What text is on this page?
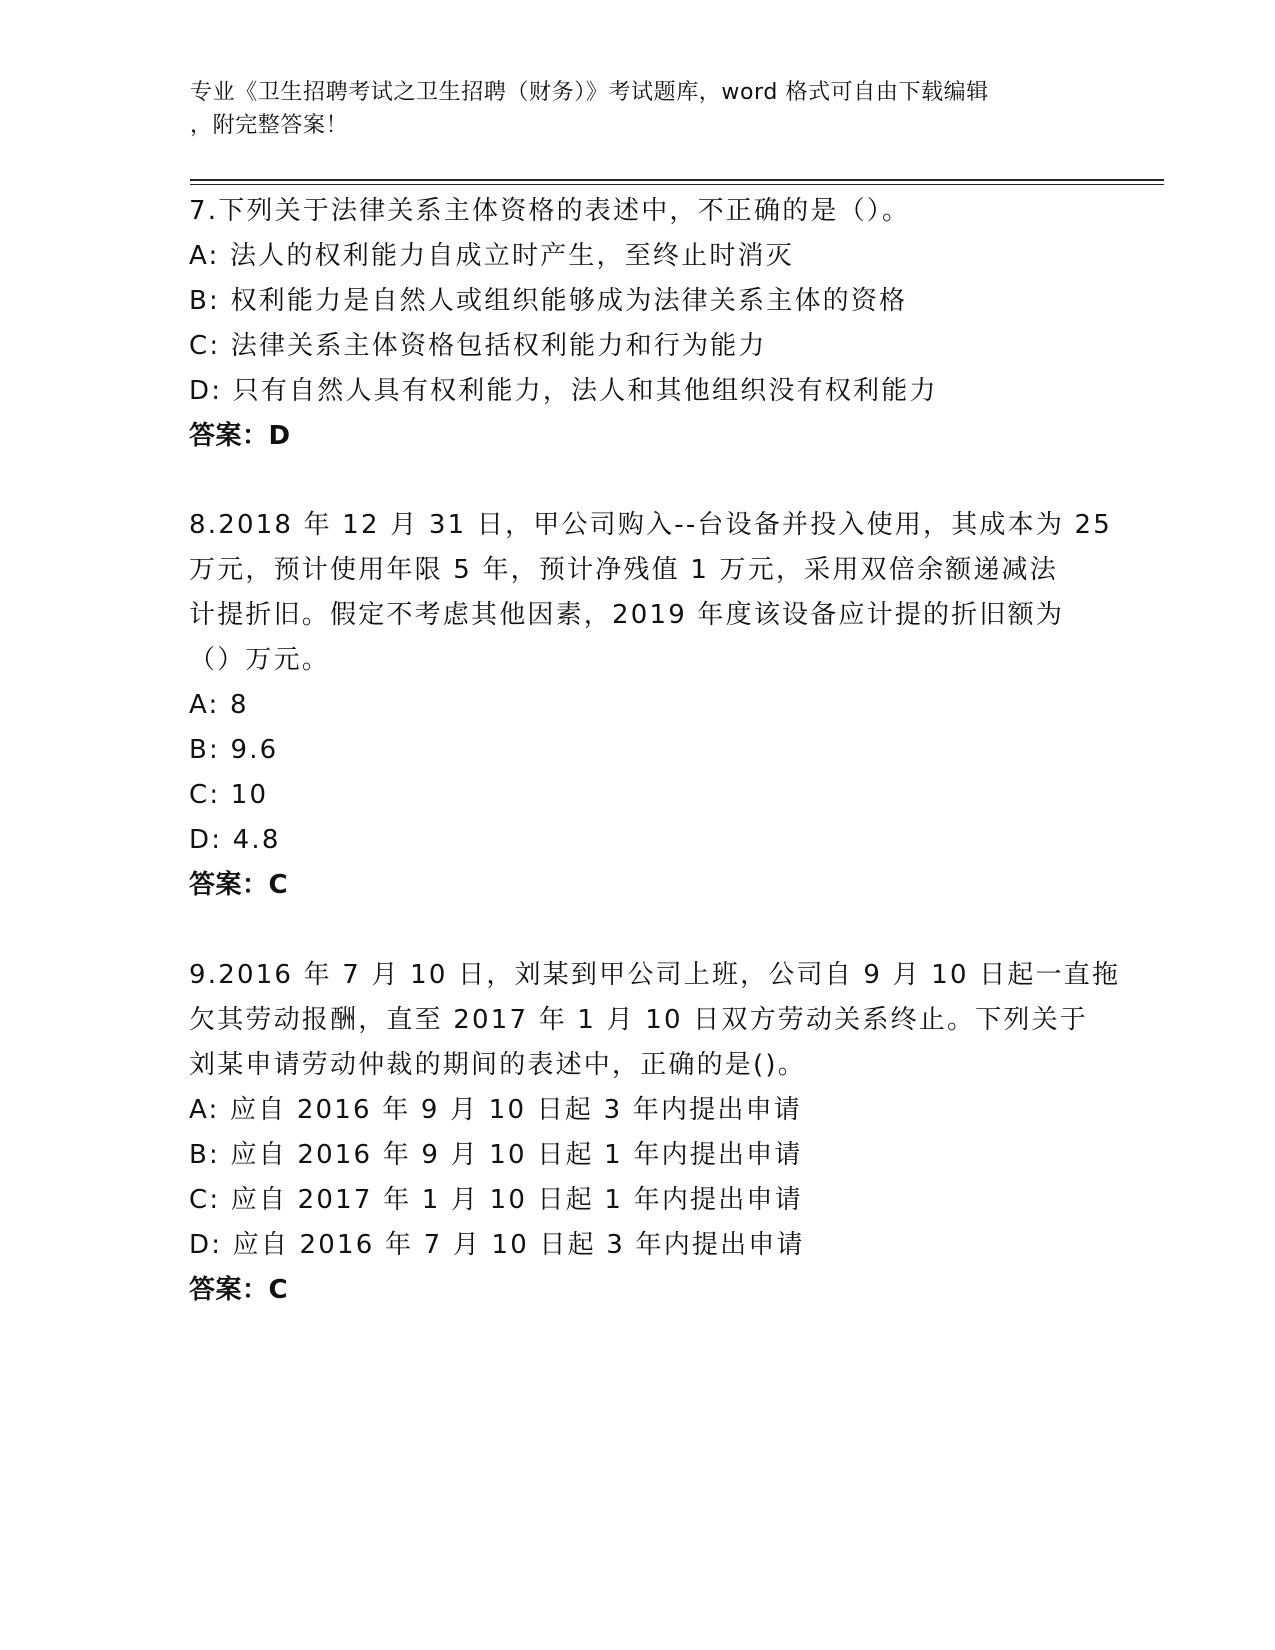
专业《卫生招聘考试之卫生招聘（财务）》考试题库，word 格式可自由下载编辑
，附完整答案！
7.下列关于法律关系主体资格的表述中，不正确的是（）。
A: 法人的权利能力自成立时产生，至终止时消灭
B: 权利能力是自然人或组织能够成为法律关系主体的资格
C: 法律关系主体资格包括权利能力和行为能力
D: 只有自然人具有权利能力，法人和其他组织没有权利能力
答案：D
8.2018 年 12 月 31 日，甲公司购入--台设备并投入使用，其成本为 25
万元，预计使用年限 5 年，预计净残值 1 万元，采用双倍余额递减法
计提折旧。假定不考虑其他因素，2019 年度该设备应计提的折旧额为
（）万元。
A: 8
B: 9.6
C: 10
D: 4.8
答案：C
9.2016 年 7 月 10 日，刘某到甲公司上班，公司自 9 月 10 日起一直拖
欠其劳动报酬，直至 2017 年 1 月 10 日双方劳动关系终止。下列关于
刘某申请劳动仲裁的期间的表述中，正确的是()。
A: 应自 2016 年 9 月 10 日起 3 年内提出申请
B: 应自 2016 年 9 月 10 日起 1 年内提出申请
C: 应自 2017 年 1 月 10 日起 1 年内提出申请
D: 应自 2016 年 7 月 10 日起 3 年内提出申请
答案：C
